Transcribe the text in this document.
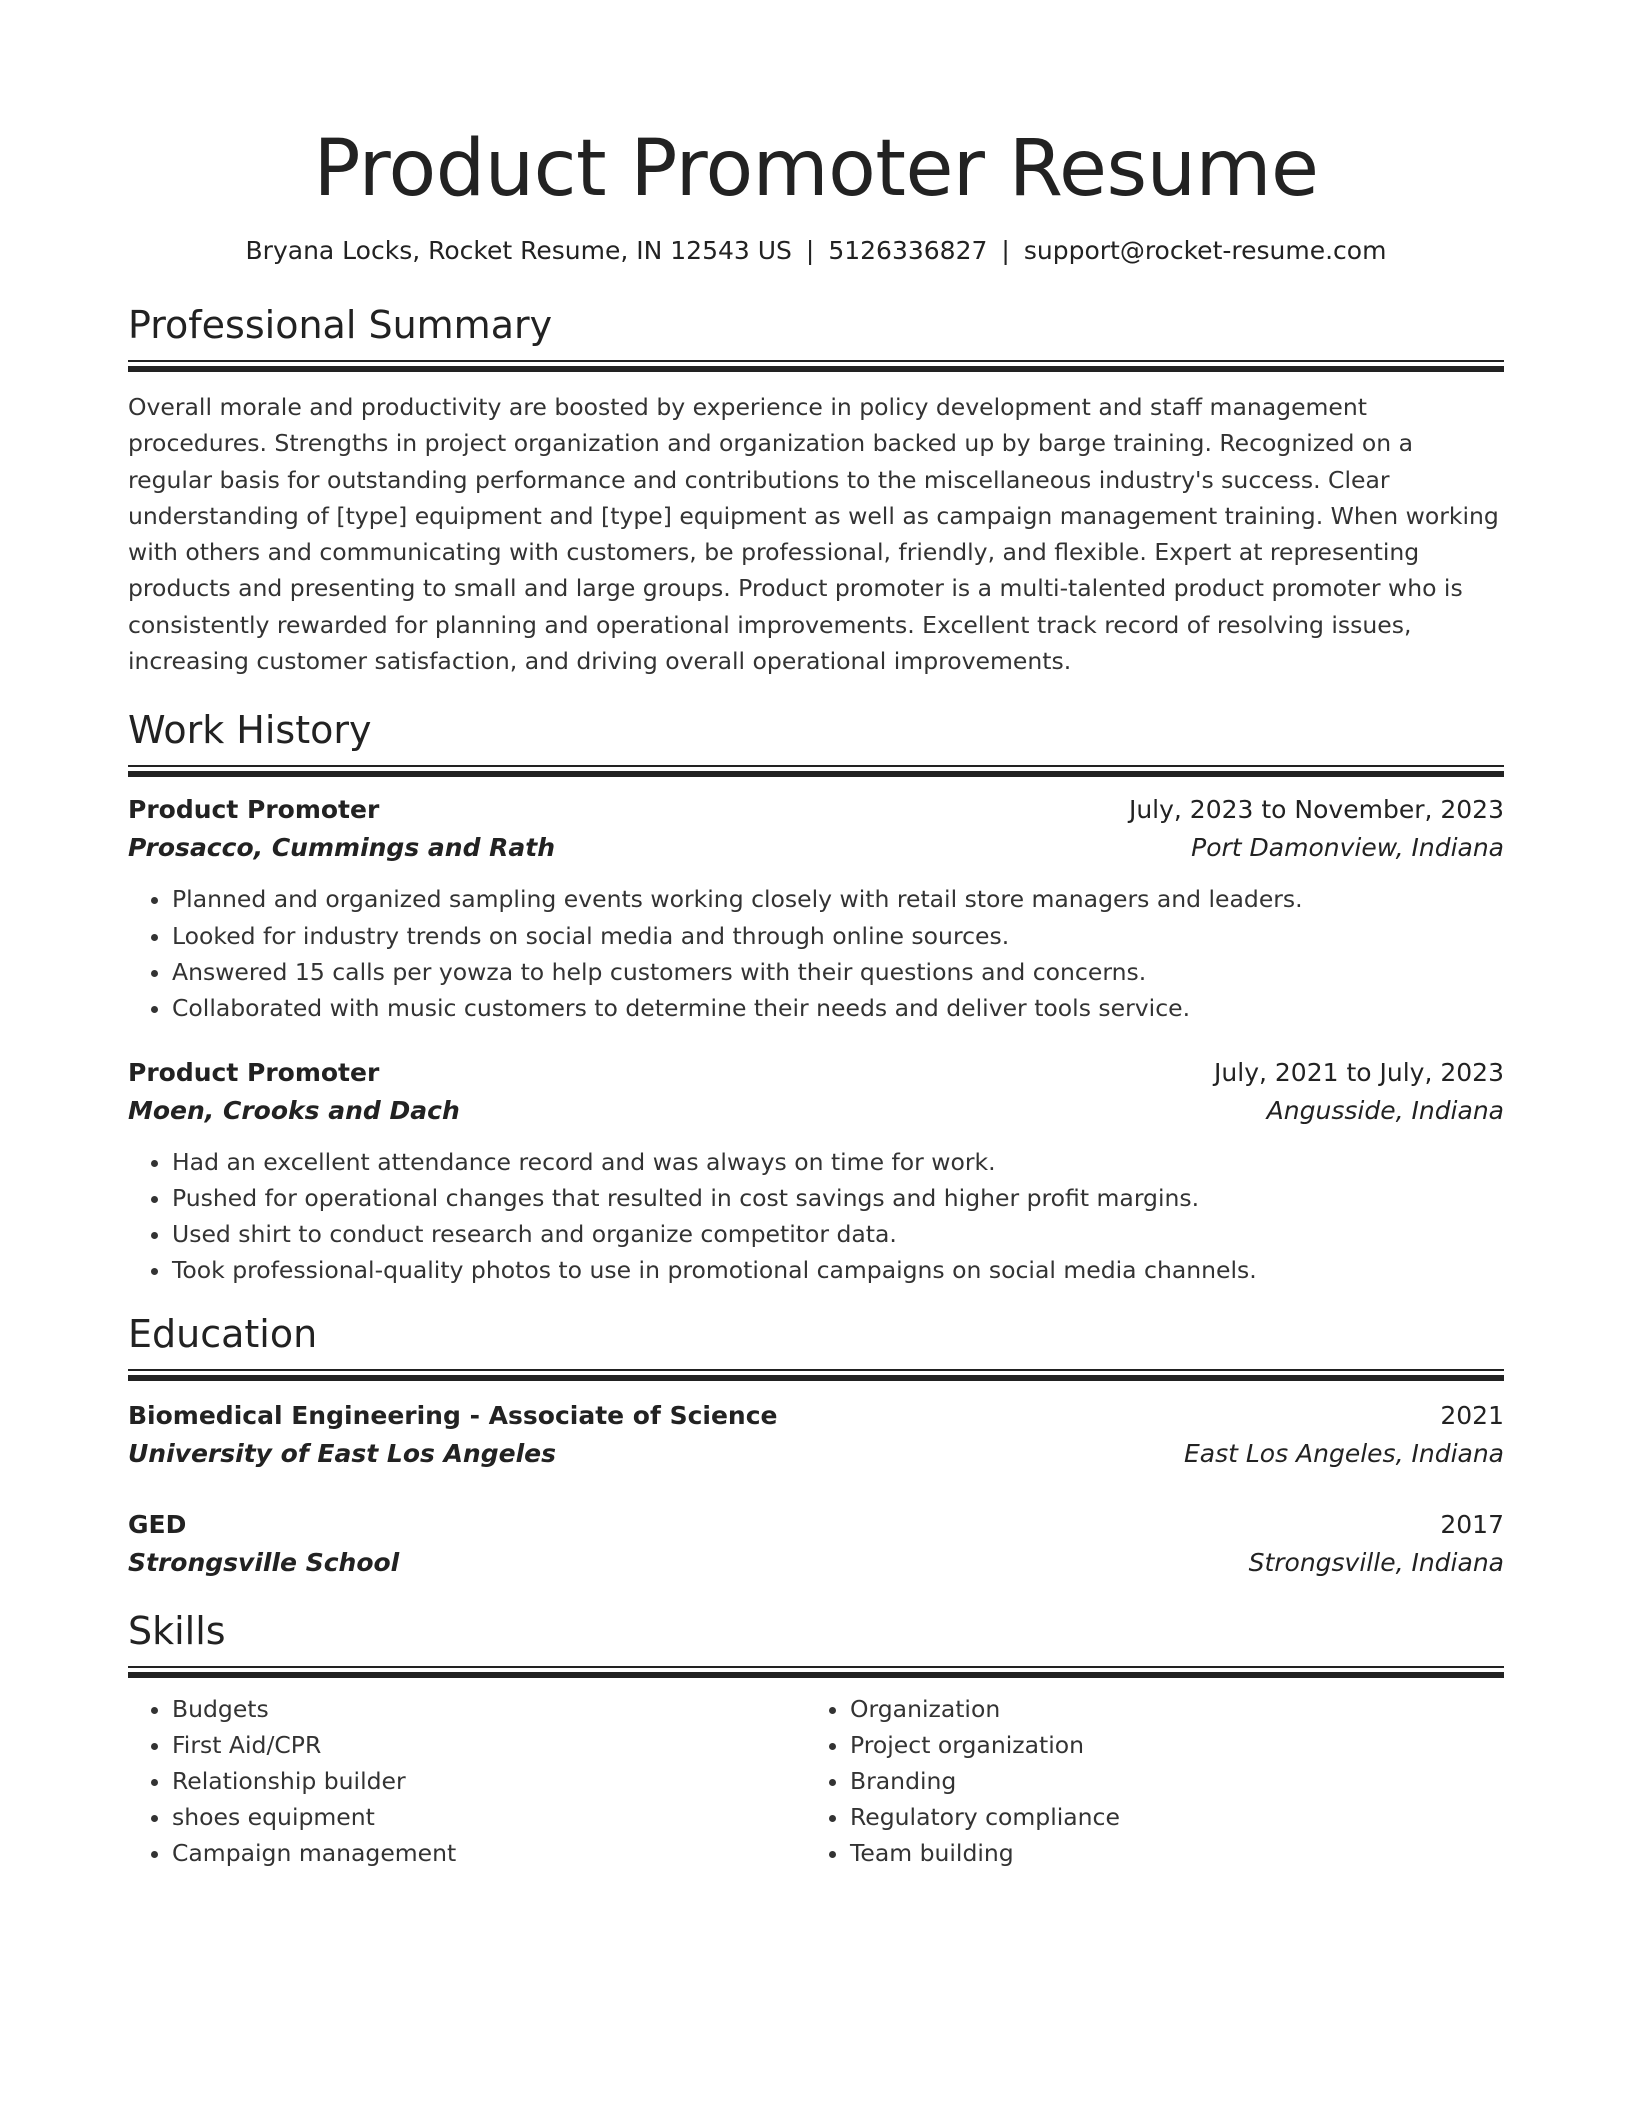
Product Promoter Resume
Bryana Locks, Rocket Resume, IN 12543 US | 5126336827 | support@rocket-resume.com
Professional Summary
Overall morale and productivity are boosted by experience in policy development and staff management procedures. Strengths in project organization and organization backed up by barge training. Recognized on a regular basis for outstanding performance and contributions to the miscellaneous industry's success. Clear understanding of [type] equipment and [type] equipment as well as campaign management training. When working with others and communicating with customers, be professional, friendly, and flexible. Expert at representing products and presenting to small and large groups. Product promoter is a multi-talented product promoter who is consistently rewarded for planning and operational improvements. Excellent track record of resolving issues, increasing customer satisfaction, and driving overall operational improvements.
Work History
Product Promoter	July, 2023 to November, 2023
Prosacco, Cummings and Rath	Port Damonview, Indiana
• Planned and organized sampling events working closely with retail store managers and leaders.
• Looked for industry trends on social media and through online sources.
• Answered 15 calls per yowza to help customers with their questions and concerns.
• Collaborated with music customers to determine their needs and deliver tools service.
Product Promoter	July, 2021 to July, 2023
Moen, Crooks and Dach	Angusside, Indiana
• Had an excellent attendance record and was always on time for work.
• Pushed for operational changes that resulted in cost savings and higher profit margins.
• Used shirt to conduct research and organize competitor data.
• Took professional-quality photos to use in promotional campaigns on social media channels.
Education
Biomedical Engineering - Associate of Science	2021
University of East Los Angeles	East Los Angeles, Indiana
GED	2017
Strongsville School	Strongsville, Indiana
Skills
• Budgets
• First Aid/CPR
• Relationship builder
• shoes equipment
• Campaign management
• Organization
• Project organization
• Branding
• Regulatory compliance
• Team building
